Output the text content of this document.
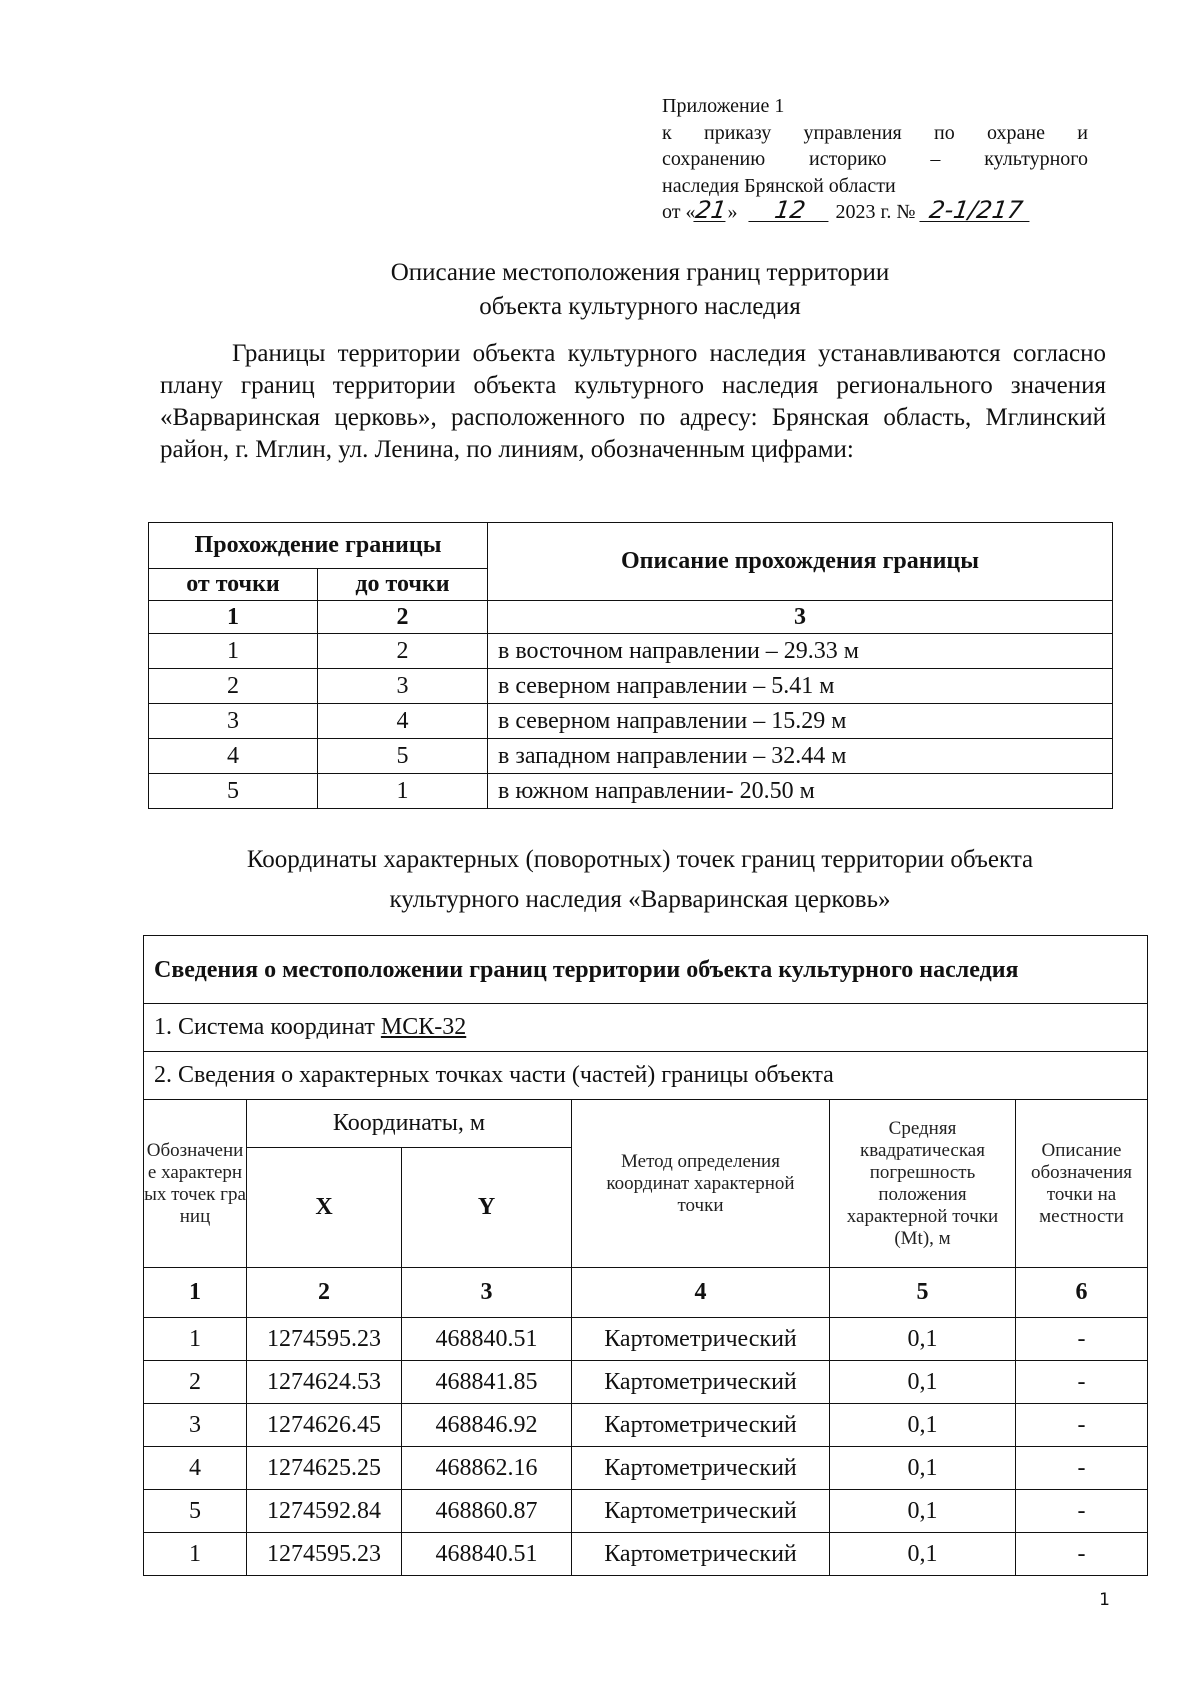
Приложение 1
к приказу управления по охране и
сохранению историко – культурного
наследия Брянской области
от «21» 12 2023 г. № 2-1/217
Описание местоположения границ территории
объекта культурного наследия
Границы территории объекта культурного наследия устанавливаются согласно плану границ территории объекта культурного наследия регионального значения «Варваринская церковь», расположенного по адресу: Брянская область, Мглинский район, г. Мглин, ул. Ленина, по линиям, обозначенным цифрами:
Прохождение границы		Описание прохождения границы
от точки	до точки	
1	2	3
1	2	в восточном направлении – 29.33 м
2	3	в северном направлении – 5.41 м
3	4	в северном направлении – 15.29 м
4	5	в западном направлении – 32.44 м
5	1	в южном направлении- 20.50 м
Координаты характерных (поворотных) точек границ территории объекта
культурного наследия «Варваринская церковь»
Сведения о местоположении границ территории объекта культурного наследия					
1. Система координат МСК-32					
2. Сведения о характерных точках части (частей) границы объекта					
Обозначение характерных точек границ	Координаты, м		Метод определения координат характерной точки	Средняя квадратическая погрешность положения характерной точки (Mt), м	Описание обозначения точки на местности
	X	Y			
1	2	3	4	5	6
1	1274595.23	468840.51	Картометрический	0,1	-
2	1274624.53	468841.85	Картометрический	0,1	-
3	1274626.45	468846.92	Картометрический	0,1	-
4	1274625.25	468862.16	Картометрический	0,1	-
5	1274592.84	468860.87	Картометрический	0,1	-
1	1274595.23	468840.51	Картометрический	0,1	-
1
